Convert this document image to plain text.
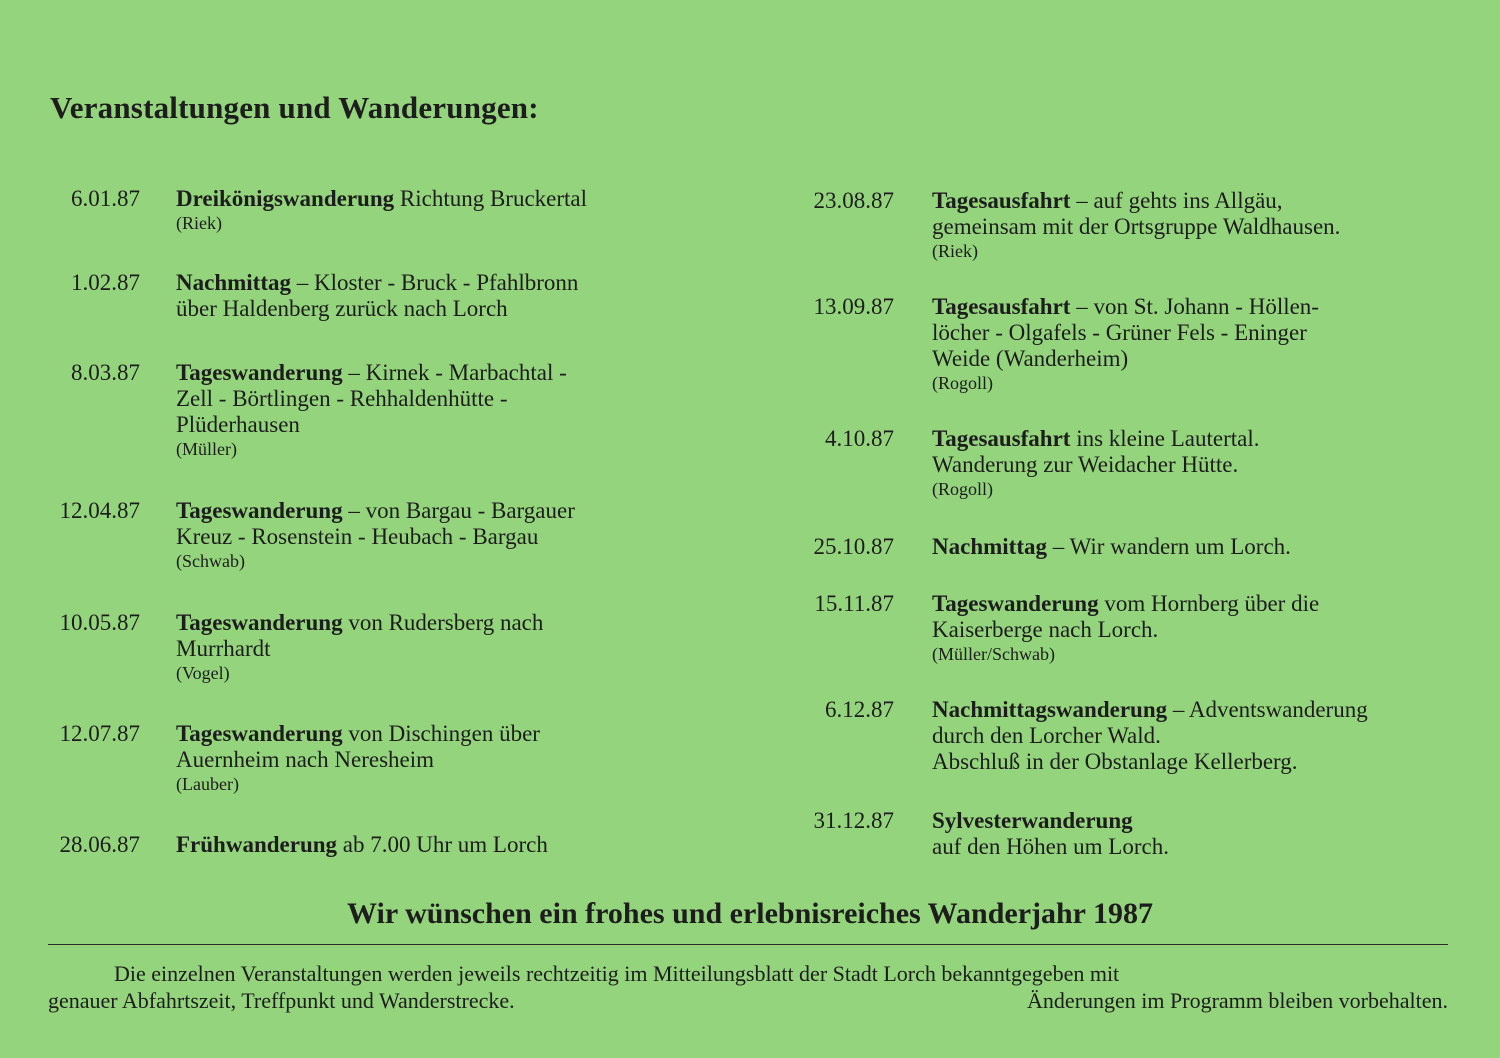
Veranstaltungen und Wanderungen:
6.01.87 Dreikönigswanderung Richtung Bruckertal
(Riek)
1.02.87 Nachmittag – Kloster - Bruck - Pfahlbronn
über Haldenberg zurück nach Lorch
8.03.87 Tageswanderung – Kirnek - Marbachtal -
Zell - Börtlingen - Rehhaldenhütte -
Plüderhausen
(Müller)
12.04.87 Tageswanderung – von Bargau - Bargauer
Kreuz - Rosenstein - Heubach - Bargau
(Schwab)
10.05.87 Tageswanderung von Rudersberg nach
Murrhardt
(Vogel)
12.07.87 Tageswanderung von Dischingen über
Auernheim nach Neresheim
(Lauber)
28.06.87 Frühwanderung ab 7.00 Uhr um Lorch
23.08.87 Tagesausfahrt – auf gehts ins Allgäu,
gemeinsam mit der Ortsgruppe Waldhausen.
(Riek)
13.09.87 Tagesausfahrt – von St. Johann - Höllen-
löcher - Olgafels - Grüner Fels - Eninger
Weide (Wanderheim)
(Rogoll)
4.10.87 Tagesausfahrt ins kleine Lautertal.
Wanderung zur Weidacher Hütte.
(Rogoll)
25.10.87 Nachmittag – Wir wandern um Lorch.
15.11.87 Tageswanderung vom Hornberg über die
Kaiserberge nach Lorch.
(Müller/Schwab)
6.12.87 Nachmittagswanderung – Adventswanderung
durch den Lorcher Wald.
Abschluß in der Obstanlage Kellerberg.
31.12.87 Sylvesterwanderung
auf den Höhen um Lorch.
Wir wünschen ein frohes und erlebnisreiches Wanderjahr 1987
Die einzelnen Veranstaltungen werden jeweils rechtzeitig im Mitteilungsblatt der Stadt Lorch bekanntgegeben mit
genauer Abfahrtszeit, Treffpunkt und Wanderstrecke.	Änderungen im Programm bleiben vorbehalten.
